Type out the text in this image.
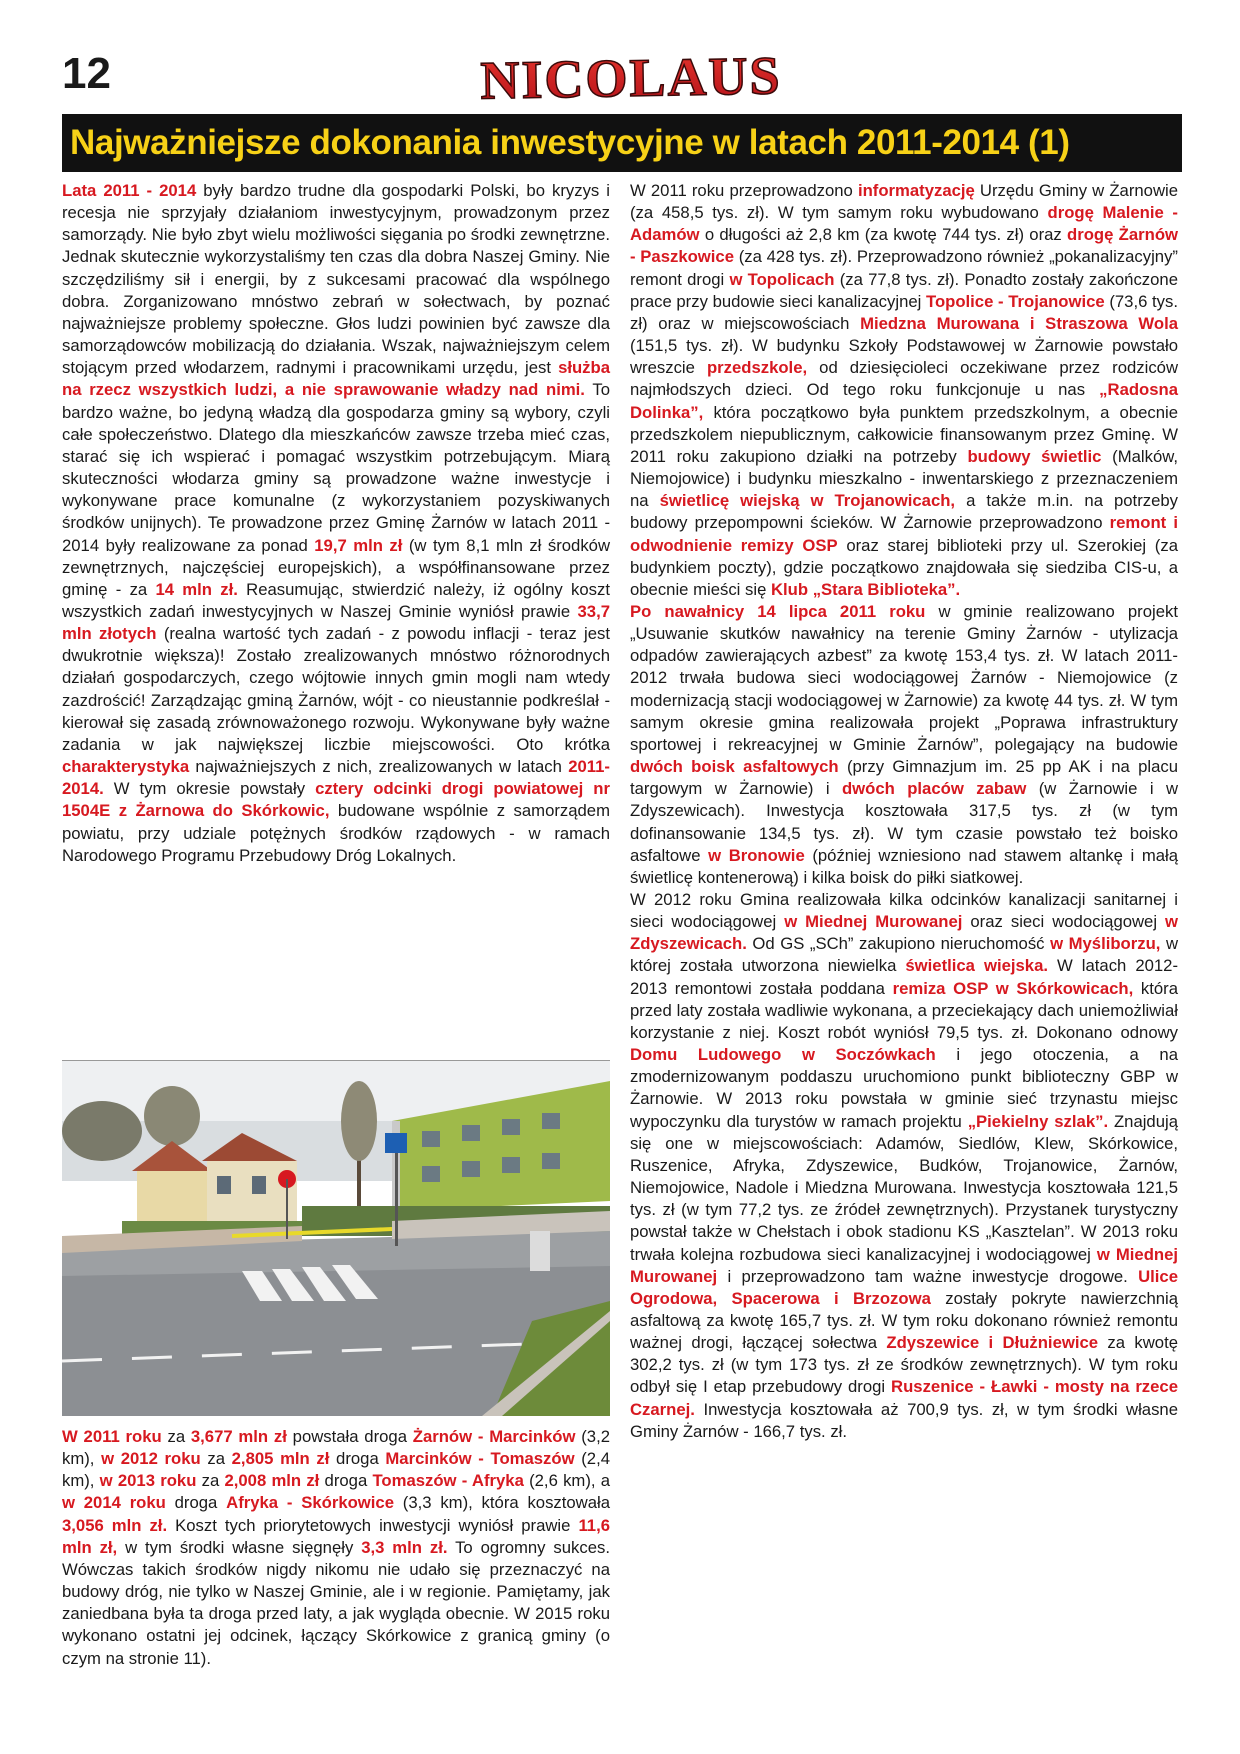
12	NICOLAUS
Najważniejsze dokonania inwestycyjne w latach 2011-2014 (1)

Lata 2011 - 2014 były bardzo trudne dla gospodarki Polski, bo kryzys i recesja nie sprzyjały działaniom inwestycyjnym, prowadzonym przez samorządy. Nie było zbyt wielu możliwości sięgania po środki zewnętrzne. Jednak skutecznie wykorzystaliśmy ten czas dla dobra Naszej Gminy. Nie szczędziliśmy sił i energii, by z sukcesami pracować dla wspólnego dobra. Zorganizowano mnóstwo zebrań w sołectwach, by poznać najważniejsze problemy społeczne. Głos ludzi powinien być zawsze dla samorządowców mobilizacją do działania. Wszak, najważniejszym celem stojącym przed włodarzem, radnymi i pracownikami urzędu, jest służba na rzecz wszystkich ludzi, a nie sprawowanie władzy nad nimi. To bardzo ważne, bo jedyną władzą dla gospodarza gminy są wybory, czyli całe społeczeństwo. Dlatego dla mieszkańców zawsze trzeba mieć czas, starać się ich wspierać i pomagać wszystkim potrzebującym. Miarą skuteczności włodarza gminy są prowadzone ważne inwestycje i wykonywane prace komunalne (z wykorzystaniem pozyskiwanych środków unijnych). Te prowadzone przez Gminę Żarnów w latach 2011 - 2014 były realizowane za ponad 19,7 mln zł (w tym 8,1 mln zł środków zewnętrznych, najczęściej europejskich), a współfinansowane przez gminę - za 14 mln zł. Reasumując, stwierdzić należy, iż ogólny koszt wszystkich zadań inwestycyjnych w Naszej Gminie wyniósł prawie 33,7 mln złotych (realna wartość tych zadań - z powodu inflacji - teraz jest dwukrotnie większa)! Zostało zrealizowanych mnóstwo różnorodnych działań gospodarczych, czego wójtowie innych gmin mogli nam wtedy zazdrościć! Zarządzając gminą Żarnów, wójt - co nieustannie podkreślał - kierował się zasadą zrównoważonego rozwoju. Wykonywane były ważne zadania w jak największej liczbie miejscowości. Oto krótka charakterystyka najważniejszych z nich, zrealizowanych w latach 2011-2014. W tym okresie powstały cztery odcinki drogi powiatowej nr 1504E z Żarnowa do Skórkowic, budowane wspólnie z samorządem powiatu, przy udziale potężnych środków rządowych - w ramach Narodowego Programu Przebudowy Dróg Lokalnych.

W 2011 roku za 3,677 mln zł powstała droga Żarnów - Marcinków (3,2 km), w 2012 roku za 2,805 mln zł droga Marcinków - Tomaszów (2,4 km), w 2013 roku za 2,008 mln zł droga Tomaszów - Afryka (2,6 km), a w 2014 roku droga Afryka - Skórkowice (3,3 km), która kosztowała 3,056 mln zł. Koszt tych priorytetowych inwestycji wyniósł prawie 11,6 mln zł, w tym środki własne sięgnęły 3,3 mln zł. To ogromny sukces. Wówczas takich środków nigdy nikomu nie udało się przeznaczyć na budowy dróg, nie tylko w Naszej Gminie, ale i w regionie. Pamiętamy, jak zaniedbana była ta droga przed laty, a jak wygląda obecnie. W 2015 roku wykonano ostatni jej odcinek, łączący Skórkowice z granicą gminy (o czym na stronie 11).

W 2011 roku przeprowadzono informatyzację Urzędu Gminy w Żarnowie (za 458,5 tys. zł). W tym samym roku wybudowano drogę Malenie - Adamów o długości aż 2,8 km (za kwotę 744 tys. zł) oraz drogę Żarnów - Paszkowice (za 428 tys. zł). Przeprowadzono również „pokanalizacyjny” remont drogi w Topolicach (za 77,8 tys. zł). Ponadto zostały zakończone prace przy budowie sieci kanalizacyjnej Topolice - Trojanowice (73,6 tys. zł) oraz w miejscowościach Miedzna Murowana i Straszowa Wola (151,5 tys. zł). W budynku Szkoły Podstawowej w Żarnowie powstało wreszcie przedszkole, od dziesięcioleci oczekiwane przez rodziców najmłodszych dzieci. Od tego roku funkcjonuje u nas „Radosna Dolinka”, która początkowo była punktem przedszkolnym, a obecnie przedszkolem niepublicznym, całkowicie finansowanym przez Gminę. W 2011 roku zakupiono działki na potrzeby budowy świetlic (Malków, Niemojowice) i budynku mieszkalno - inwentarskiego z przeznaczeniem na świetlicę wiejską w Trojanowicach, a także m.in. na potrzeby budowy przepompowni ścieków. W Żarnowie przeprowadzono remont i odwodnienie remizy OSP oraz starej biblioteki przy ul. Szerokiej (za budynkiem poczty), gdzie początkowo znajdowała się siedziba CIS-u, a obecnie mieści się Klub „Stara Biblioteka”.
Po nawałnicy 14 lipca 2011 roku w gminie realizowano projekt „Usuwanie skutków nawałnicy na terenie Gminy Żarnów - utylizacja odpadów zawierających azbest” za kwotę 153,4 tys. zł. W latach 2011-2012 trwała budowa sieci wodociągowej Żarnów - Niemojowice (z modernizacją stacji wodociągowej w Żarnowie) za kwotę 44 tys. zł. W tym samym okresie gmina realizowała projekt „Poprawa infrastruktury sportowej i rekreacyjnej w Gminie Żarnów”, polegający na budowie dwóch boisk asfaltowych (przy Gimnazjum im. 25 pp AK i na placu targowym w Żarnowie) i dwóch placów zabaw (w Żarnowie i w Zdyszewicach). Inwestycja kosztowała 317,5 tys. zł (w tym dofinansowanie 134,5 tys. zł). W tym czasie powstało też boisko asfaltowe w Bronowie (później wzniesiono nad stawem altankę i małą świetlicę kontenerową) i kilka boisk do piłki siatkowej.
W 2012 roku Gmina realizowała kilka odcinków kanalizacji sanitarnej i sieci wodociągowej w Miednej Murowanej oraz sieci wodociągowej w Zdyszewicach. Od GS „SCh” zakupiono nieruchomość w Myśliborzu, w której została utworzona niewielka świetlica wiejska. W latach 2012-2013 remontowi została poddana remiza OSP w Skórkowicach, która przed laty została wadliwie wykonana, a przeciekający dach uniemożliwiał korzystanie z niej. Koszt robót wyniósł 79,5 tys. zł. Dokonano odnowy Domu Ludowego w Soczówkach i jego otoczenia, a na zmodernizowanym poddaszu uruchomiono punkt biblioteczny GBP w Żarnowie. W 2013 roku powstała w gminie sieć trzynastu miejsc wypoczynku dla turystów w ramach projektu „Piekielny szlak”. Znajdują się one w miejscowościach: Adamów, Siedlów, Klew, Skórkowice, Ruszenice, Afryka, Zdyszewice, Budków, Trojanowice, Żarnów, Niemojowice, Nadole i Miedzna Murowana. Inwestycja kosztowała 121,5 tys. zł (w tym 77,2 tys. ze źródeł zewnętrznych). Przystanek turystyczny powstał także w Chełstach i obok stadionu KS „Kasztelan”. W 2013 roku trwała kolejna rozbudowa sieci kanalizacyjnej i wodociągowej w Miednej Murowanej i przeprowadzono tam ważne inwestycje drogowe. Ulice Ogrodowa, Spacerowa i Brzozowa zostały pokryte nawierzchnią asfaltową za kwotę 165,7 tys. zł. W tym roku dokonano również remontu ważnej drogi, łączącej sołectwa Zdyszewice i Dłużniewice za kwotę 302,2 tys. zł (w tym 173 tys. zł ze środków zewnętrznych). W tym roku odbył się I etap przebudowy drogi Ruszenice - Ławki - mosty na rzece Czarnej. Inwestycja kosztowała aż 700,9 tys. zł, w tym środki własne Gminy Żarnów - 166,7 tys. zł.
